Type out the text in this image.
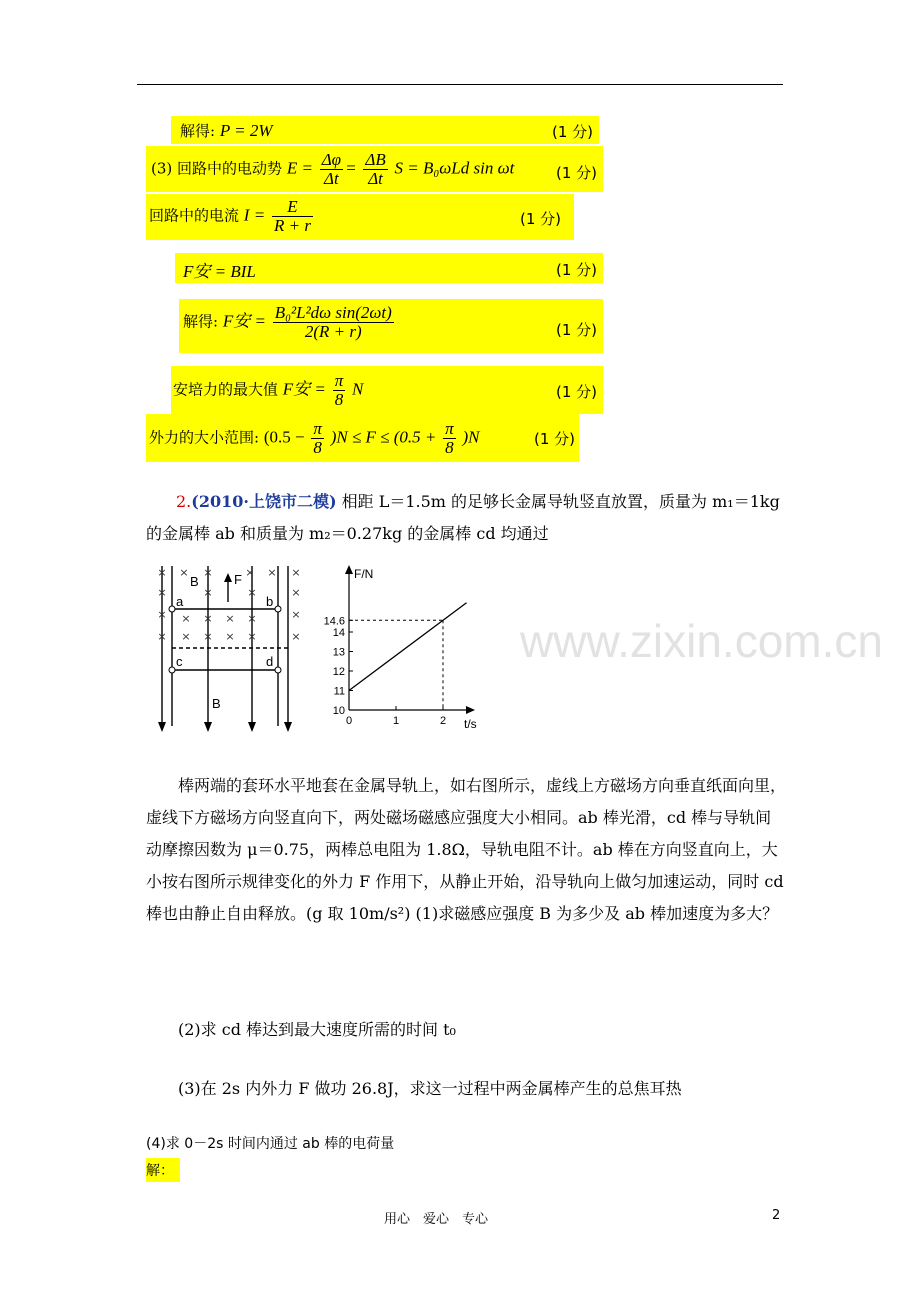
解得: P = 2W	(1 分)
(3) 回路中的电动势 $E = \frac{\Delta\varphi}{\Delta t} = \frac{\Delta B}{\Delta t}$ S = B₀ωLd sin ωt	(1 分)
回路中的电流 $I = \frac{E}{R + r}$	(1 分)
F安 = BIL	(1 分)
解得: F安 = $\frac{\text{B₀²L²dω sin(2ωt)}}{2(R + r)}$	(1 分)
安培力的最大值 F安 = $\frac{\pi}{8}$ N	(1 分)
外力的大小范围: $(0.5 - \frac{\pi}{8} )N \le F \le (0.5 + \frac{\pi}{8} )N$	(1 分)
2.(2010·上饶市二模) 相距 L＝1.5m 的足够长金属导轨竖直放置，质量为 m₁＝1kg 的金属棒 ab 和质量为 m₂＝0.27kg 的金属棒 cd 均通过
× × ×	× × ×
×	×	×	×
× × × × ×	×
× × × × ×	×
B	F
a	b
c	d
B
0	1	2
10
11
12
13
14
14.6
F/N
t/s
www.zixin.com.cn
棒两端的套环水平地套在金属导轨上，如右图所示，虚线上方磁场方向垂直纸面向里，虚线下方磁场方向竖直向下，两处磁场磁感应强度大小相同。ab 棒光滑，cd 棒与导轨间动摩擦因数为 μ＝0.75，两棒总电阻为 1.8Ω，导轨电阻不计。ab 棒在方向竖直向上，大小按右图所示规律变化的外力 F 作用下，从静止开始，沿导轨向上做匀加速运动，同时 cd 棒也由静止自由释放。(g 取 10m/s²) (1)求磁感应强度 B 为多少及 ab 棒加速度为多大？
(2)求 cd 棒达到最大速度所需的时间 t₀
(3)在 2s 内外力 F 做功 26.8J，求这一过程中两金属棒产生的总焦耳热
(4)求 0－2s 时间内通过 ab 棒的电荷量
解：
用心　爱心　专心	2
